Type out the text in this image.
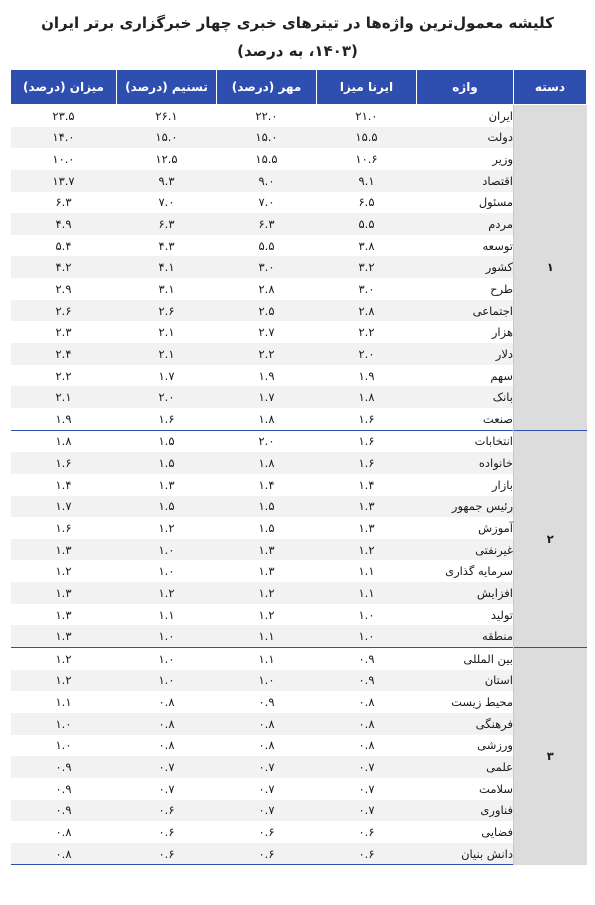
کلیشه معمول‌ترین واژه‌ها در تیترهای خبری چهار خبرگزاری برتر ایران
(۱۴۰۳، به درصد)
دسته	واژه	ایرنا میزا	مهر (درصد)	تسنیم (درصد)	میزان (درصد)
۱	ایران	۲۱.۰	۲۲.۰	۲۶.۱	۲۳.۵
	دولت	۱۵.۵	۱۵.۰	۱۵.۰	۱۴.۰
	وزیر	۱۰.۶	۱۵.۵	۱۲.۵	۱۰.۰
	اقتصاد	۹.۱	۹.۰	۹.۳	۱۳.۷
	مسئول	۶.۵	۷.۰	۷.۰	۶.۳
	مردم	۵.۵	۶.۳	۶.۳	۴.۹
	توسعه	۳.۸	۵.۵	۴.۳	۵.۴
	کشور	۳.۲	۳.۰	۴.۱	۴.۲
	طرح	۳.۰	۲.۸	۳.۱	۲.۹
	اجتماعی	۲.۸	۲.۵	۲.۶	۲.۶
	هزار	۲.۲	۲.۷	۲.۱	۲.۳
	دلار	۲.۰	۲.۲	۲.۱	۲.۴
	سهم	۱.۹	۱.۹	۱.۷	۲.۲
	بانک	۱.۸	۱.۷	۲.۰	۲.۱
	صنعت	۱.۶	۱.۸	۱.۶	۱.۹
۲	انتخابات	۱.۶	۲.۰	۱.۵	۱.۸
	خانواده	۱.۶	۱.۸	۱.۵	۱.۶
	بازار	۱.۴	۱.۴	۱.۳	۱.۴
	رئیس جمهور	۱.۳	۱.۵	۱.۵	۱.۷
	آموزش	۱.۳	۱.۵	۱.۲	۱.۶
	غیرنفتی	۱.۲	۱.۳	۱.۰	۱.۳
	سرمایه گذاری	۱.۱	۱.۳	۱.۰	۱.۲
	افزایش	۱.۱	۱.۲	۱.۲	۱.۳
	تولید	۱.۰	۱.۲	۱.۱	۱.۳
	منطقه	۱.۰	۱.۱	۱.۰	۱.۳
۳	بین المللی	۰.۹	۱.۱	۱.۰	۱.۲
	استان	۰.۹	۱.۰	۱.۰	۱.۲
	محیط زیست	۰.۸	۰.۹	۰.۸	۱.۱
	فرهنگی	۰.۸	۰.۸	۰.۸	۱.۰
	ورزشی	۰.۸	۰.۸	۰.۸	۱.۰
	علمی	۰.۷	۰.۷	۰.۷	۰.۹
	سلامت	۰.۷	۰.۷	۰.۷	۰.۹
	فناوری	۰.۷	۰.۷	۰.۶	۰.۹
	فضایی	۰.۶	۰.۶	۰.۶	۰.۸
	دانش بنیان	۰.۶	۰.۶	۰.۶	۰.۸
